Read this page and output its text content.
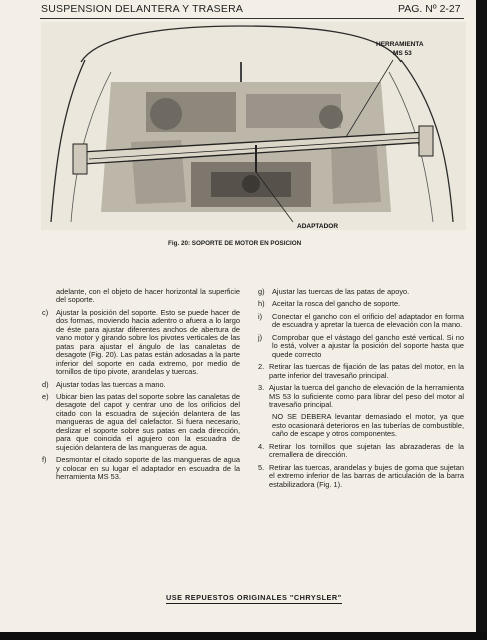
SUSPENSION DELANTERA Y TRASERA	PAG. Nº 2-27
HERRAMIENTA
MS 53
ADAPTADOR
Fig. 20: SOPORTE DE MOTOR EN POSICION
adelante, con el objeto de hacer horizontal la superficie del soporte.
c) Ajustar la posición del soporte. Esto se puede hacer de dos formas, moviendo hacia adentro o afuera a lo largo de éste para ajustar diferentes anchos de abertura de vano motor y girando sobre los pivotes verticales de las patas para ajustar el ángulo de las canaletas de desagote (Fig. 20). Las patas están adosadas a la parte inferior del soporte en cada extremo, por medio de tornillos de tipo pivote, arandelas y tuercas.
d) Ajustar todas las tuercas a mano.
e) Ubicar bien las patas del soporte sobre las canaletas de desagote del capot y centrar uno de los orificios del citado con la escuadra de sujeción delantera de las mangueras de agua del calefactor. Si fuera necesario, deslizar el soporte sobre sus patas en cada dirección, para que coincida el agujero con la escuadra de sujeción delantera de las mangueras de agua.
f) Desmontar el citado soporte de las mangueras de agua y colocar en su lugar el adaptador en escuadra de la herramienta MS 53.
g) Ajustar las tuercas de las patas de apoyo.
h) Aceitar la rosca del gancho de soporte.
i) Conectar el gancho con el orificio del adaptador en forma de escuadra y apretar la tuerca de elevación con la mano.
j) Comprobar que el vástago del gancho esté vertical. Si no lo está, volver a ajustar la posición del soporte hasta que quede correcto
2. Retirar las tuercas de fijación de las patas del motor, en la parte inferior del travesaño principal.
3. Ajustar la tuerca del gancho de elevación de la herramienta MS 53 lo suficiente como para librar del peso del motor al travesaño principal.
NO SE DEBERA levantar demasiado el motor, ya que esto ocasionará deterioros en las tuberías de combustible, caño de escape y otros componentes.
4. Retirar los tornillos que sujetan las abrazaderas de la cremallera de dirección.
5. Retirar las tuercas, arandelas y bujes de goma que sujetan el extremo inferior de las barras de articulación de la barra estabilizadora (Fig. 1).
USE REPUESTOS ORIGINALES "CHRYSLER"
